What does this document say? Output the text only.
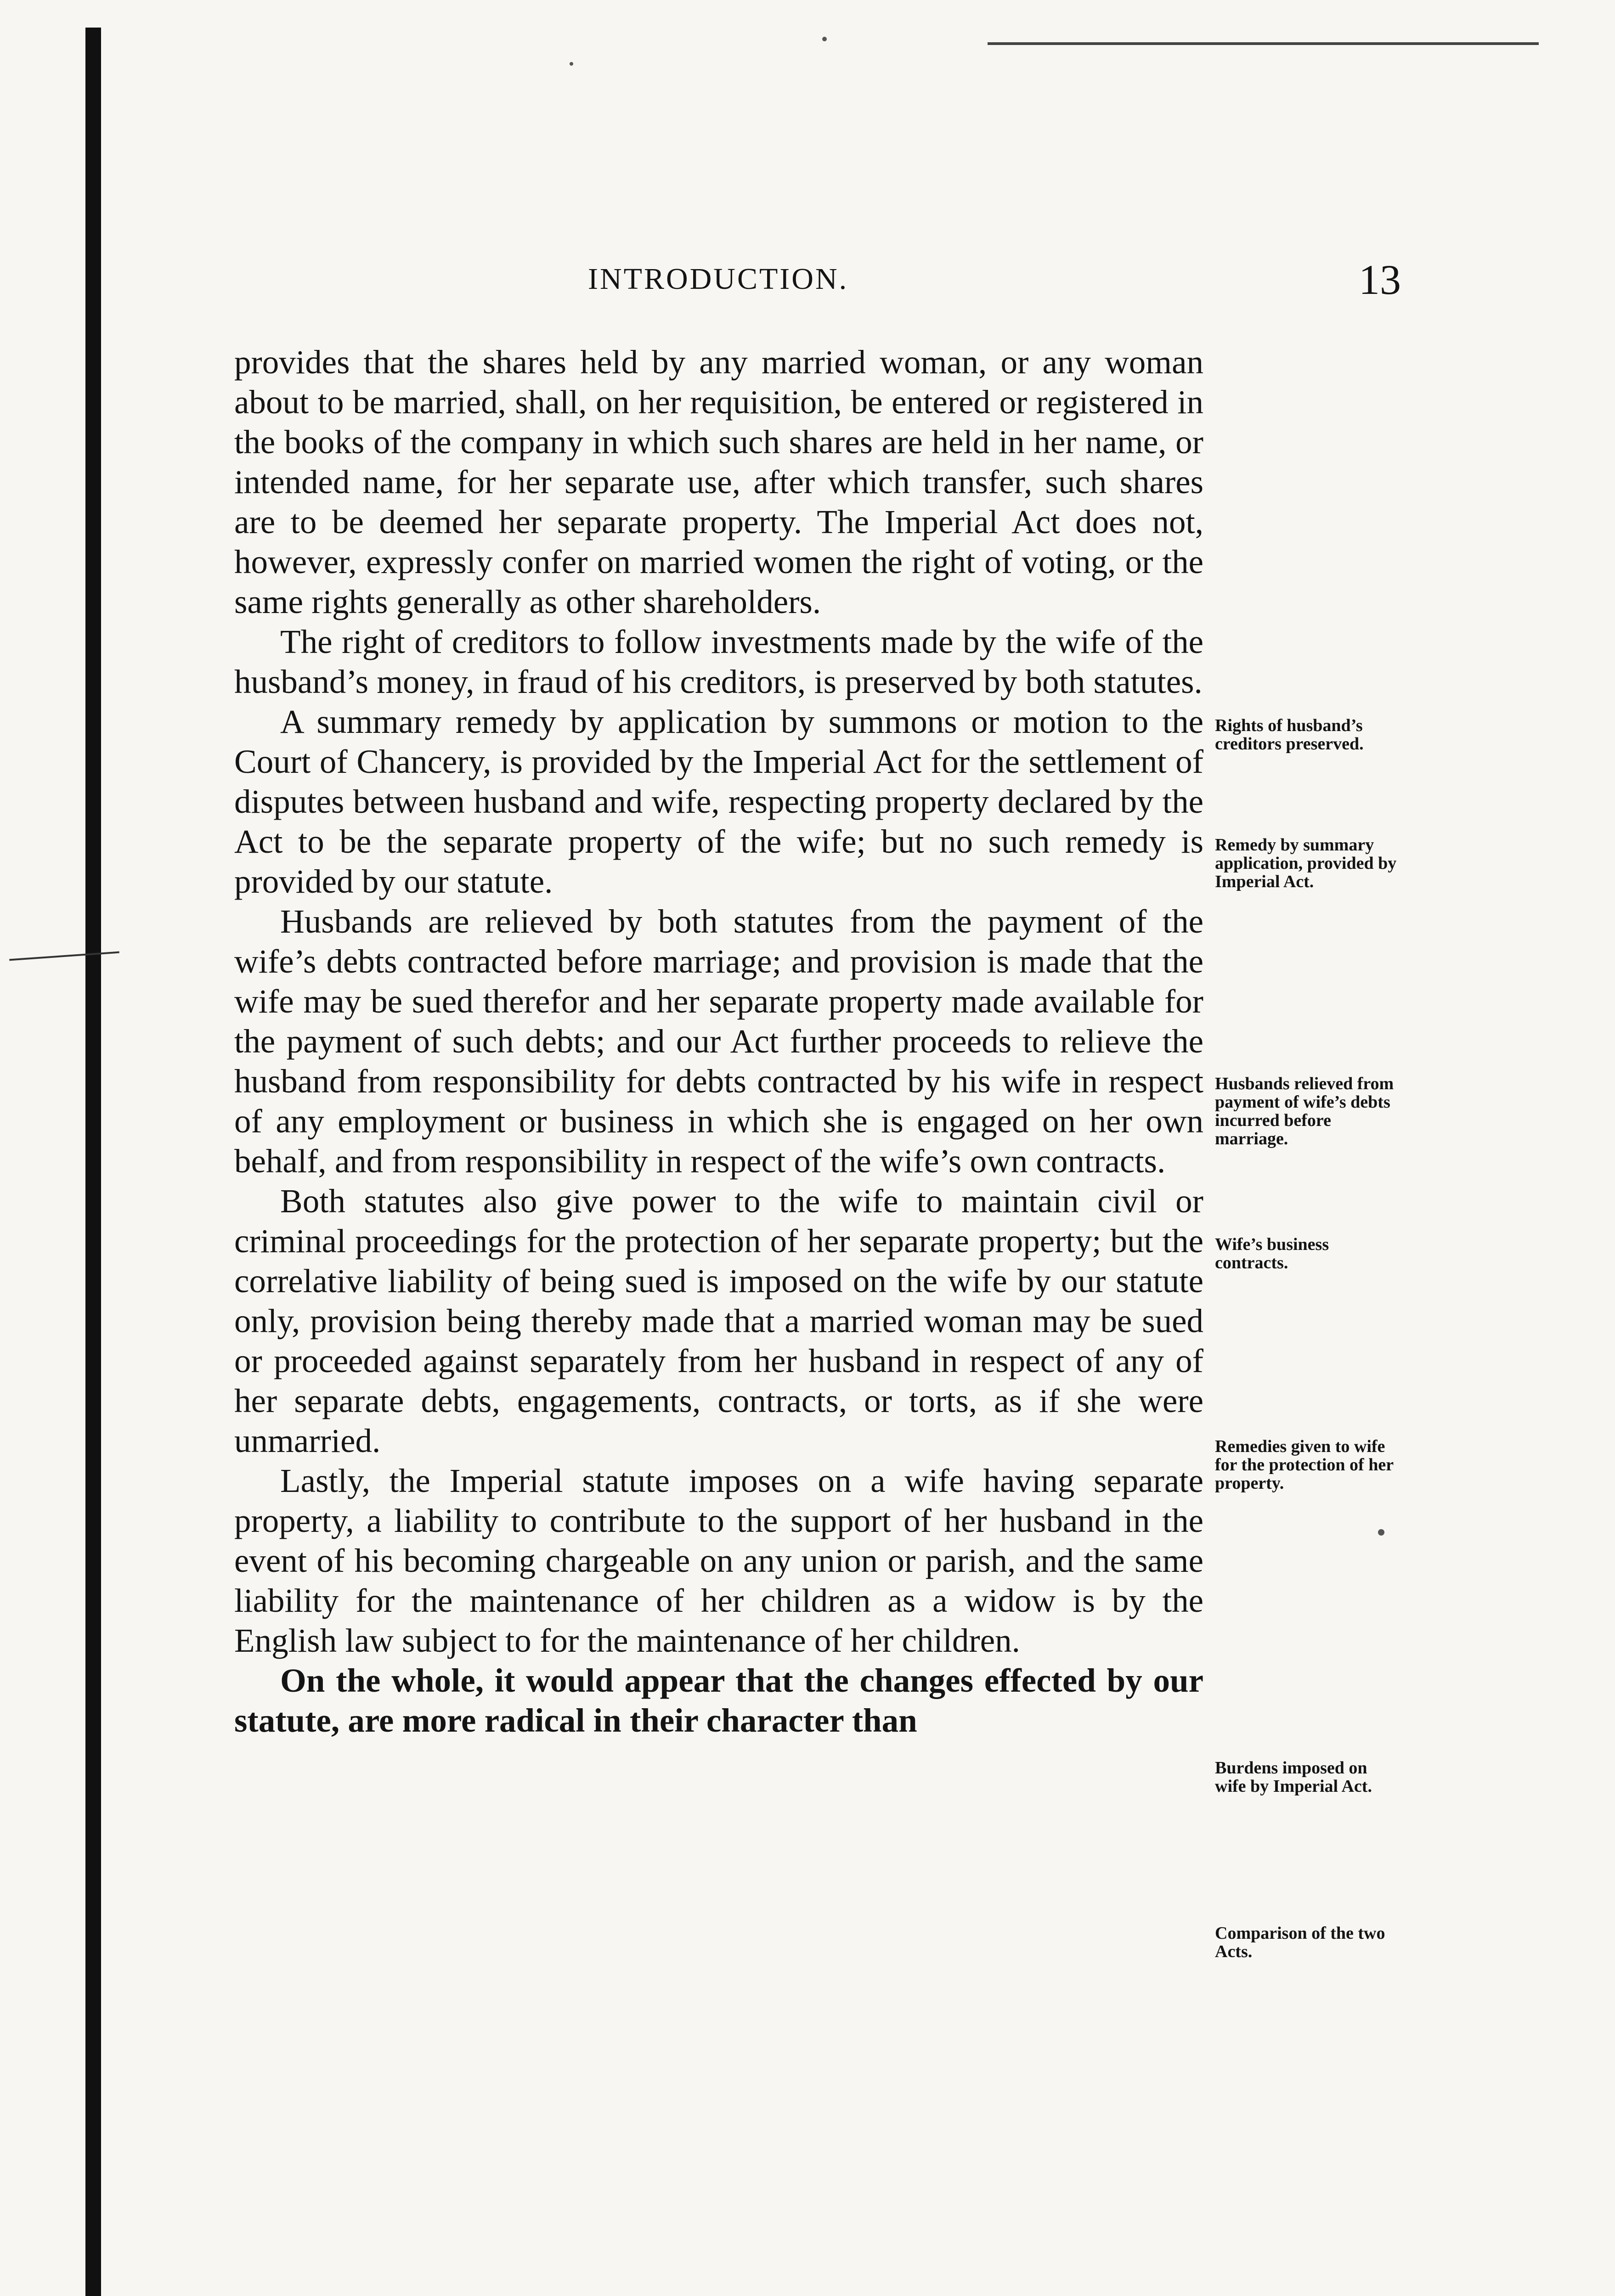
INTRODUCTION.	13

provides that the shares held by any married woman, or any woman about to be married, shall, on her requisition, be entered or registered in the books of the company in which such shares are held in her name, or intended name, for her separate use, after which transfer, such shares are to be deemed her separate property. The Imperial Act does not, however, expressly confer on married women the right of voting, or the same rights generally as other shareholders.

The right of creditors to follow investments made by the wife of the husband’s money, in fraud of his creditors, is preserved by both statutes.

A summary remedy by application by summons or motion to the Court of Chancery, is provided by the Imperial Act for the settlement of disputes between husband and wife, respecting property declared by the Act to be the separate property of the wife; but no such remedy is provided by our statute.

Husbands are relieved by both statutes from the payment of the wife’s debts contracted before marriage; and provision is made that the wife may be sued therefor and her separate property made available for the payment of such debts; and our Act further proceeds to relieve the husband from responsibility for debts contracted by his wife in respect of any employment or business in which she is engaged on her own behalf, and from responsibility in respect of the wife’s own contracts.

Both statutes also give power to the wife to maintain civil or criminal proceedings for the protection of her separate property; but the correlative liability of being sued is imposed on the wife by our statute only, provision being thereby made that a married woman may be sued or proceeded against separately from her husband in respect of any of her separate debts, engagements, contracts, or torts, as if she were unmarried.

Lastly, the Imperial statute imposes on a wife having separate property, a liability to contribute to the support of her husband in the event of his becoming chargeable on any union or parish, and the same liability for the maintenance of her children as a widow is by the English law subject to for the maintenance of her children.

On the whole, it would appear that the changes effected by our statute, are more radical in their character than

Rights of husband’s creditors preserved.
Remedy by summary application, provided by Imperial Act.
Husbands relieved from payment of wife’s debts incurred before marriage.
Wife’s business contracts.
Remedies given to wife for the protection of her property.
Burdens imposed on wife by Imperial Act.
Comparison of the two Acts.
